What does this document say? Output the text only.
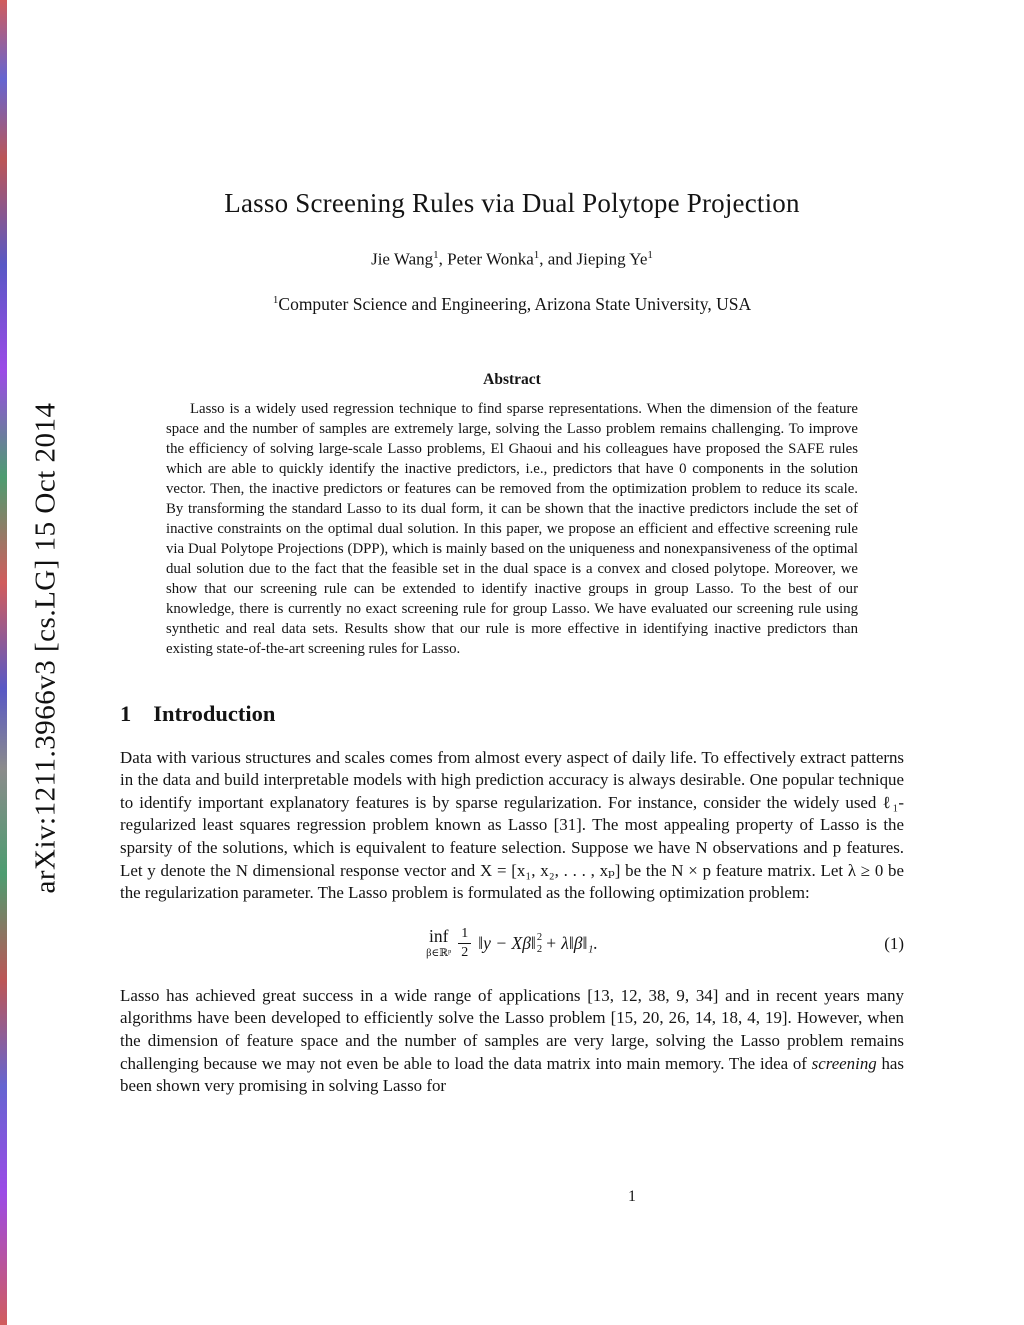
arXiv:1211.3966v3 [cs.LG] 15 Oct 2014
Lasso Screening Rules via Dual Polytope Projection
Jie Wang$^1$, Peter Wonka$^1$, and Jieping Ye$^1$
$^1$Computer Science and Engineering, Arizona State University, USA
Abstract

Lasso is a widely used regression technique to find sparse representations. When the dimension of the feature space and the number of samples are extremely large, solving the Lasso problem remains challenging. To improve the efficiency of solving large-scale Lasso problems, El Ghaoui and his colleagues have proposed the SAFE rules which are able to quickly identify the inactive predictors, i.e., predictors that have 0 components in the solution vector. Then, the inactive predictors or features can be removed from the optimization problem to reduce its scale. By transforming the standard Lasso to its dual form, it can be shown that the inactive predictors include the set of inactive constraints on the optimal dual solution. In this paper, we propose an efficient and effective screening rule via Dual Polytope Projections (DPP), which is mainly based on the uniqueness and nonexpansiveness of the optimal dual solution due to the fact that the feasible set in the dual space is a convex and closed polytope. Moreover, we show that our screening rule can be extended to identify inactive groups in group Lasso. To the best of our knowledge, there is currently no exact screening rule for group Lasso. We have evaluated our screening rule using synthetic and real data sets. Results show that our rule is more effective in identifying inactive predictors than existing state-of-the-art screening rules for Lasso.

1 Introduction

Data with various structures and scales comes from almost every aspect of daily life. To effectively extract patterns in the data and build interpretable models with high prediction accuracy is always desirable. One popular technique to identify important explanatory features is by sparse regularization. For instance, consider the widely used ℓ₁-regularized least squares regression problem known as Lasso [31]. The most appealing property of Lasso is the sparsity of the solutions, which is equivalent to feature selection. Suppose we have N observations and p features. Let y denote the N dimensional response vector and X = [x₁, x₂, . . . , xₚ] be the N × p feature matrix. Let λ ≥ 0 be the regularization parameter. The Lasso problem is formulated as the following optimization problem:

inf
β∈ℝᵖ $\frac{1}{2}$ ‖y − Xβ‖ 2
2 + λ‖β‖₁.	(1)

Lasso has achieved great success in a wide range of applications [13, 12, 38, 9, 34] and in recent years many algorithms have been developed to efficiently solve the Lasso problem [15, 20, 26, 14, 18, 4, 19]. However, when the dimension of feature space and the number of samples are very large, solving the Lasso problem remains challenging because we may not even be able to load the data matrix into main memory. The idea of screening has been shown very promising in solving Lasso for

1
